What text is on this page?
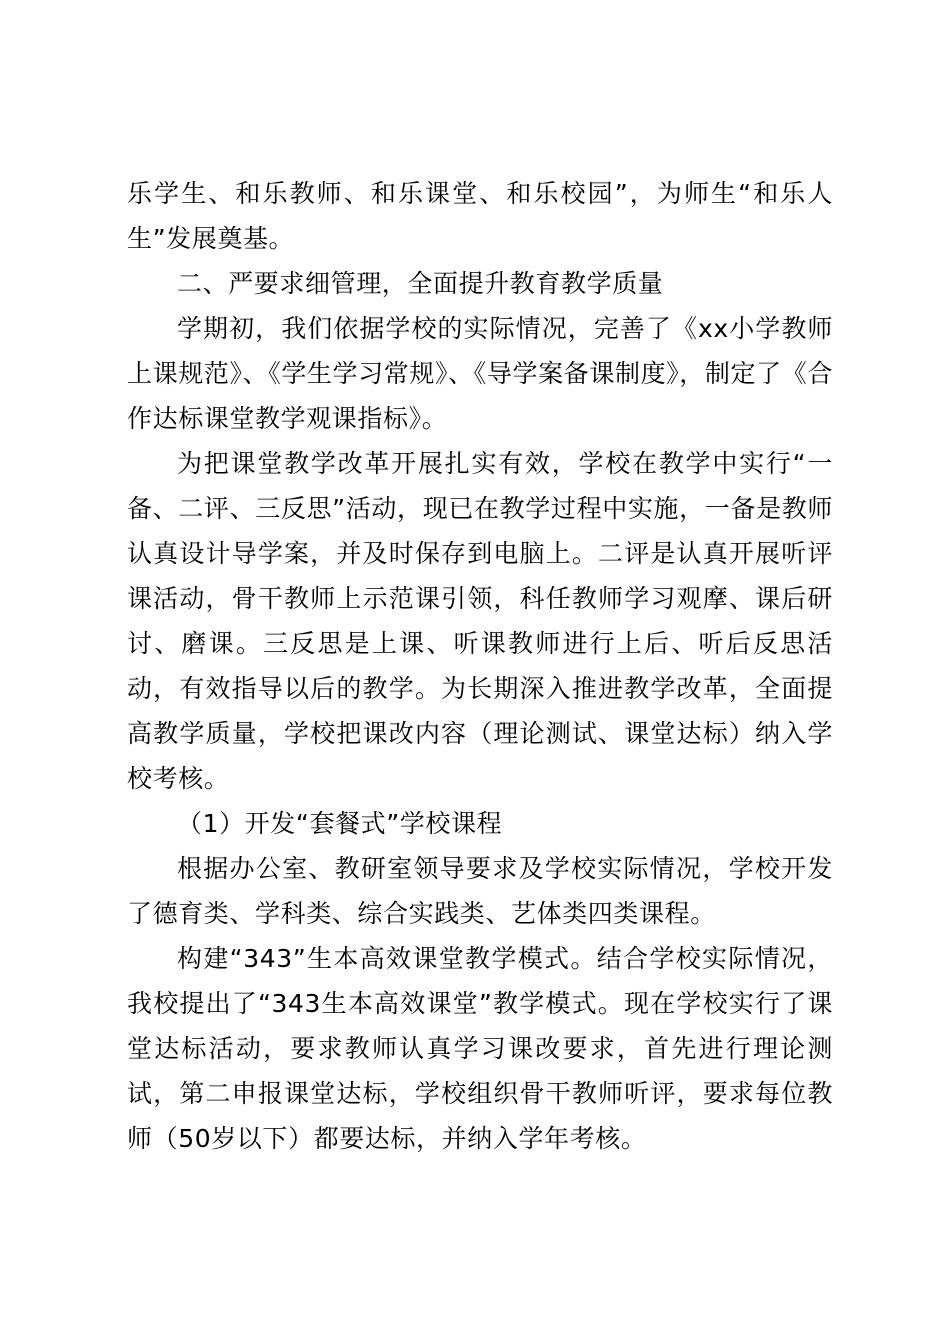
乐学生、和乐教师、和乐课堂、和乐校园”，为师生“和乐人生”发展奠基。

二、严要求细管理，全面提升教育教学质量

学期初，我们依据学校的实际情况，完善了《xx小学教师上课规范》、《学生学习常规》、《导学案备课制度》，制定了《合作达标课堂教学观课指标》。

为把课堂教学改革开展扎实有效，学校在教学中实行“一备、二评、三反思”活动，现已在教学过程中实施，一备是教师认真设计导学案，并及时保存到电脑上。二评是认真开展听评课活动，骨干教师上示范课引领，科任教师学习观摩、课后研讨、磨课。三反思是上课、听课教师进行上后、听后反思活动，有效指导以后的教学。为长期深入推进教学改革，全面提高教学质量，学校把课改内容（理论测试、课堂达标）纳入学校考核。

（1）开发“套餐式”学校课程

根据办公室、教研室领导要求及学校实际情况，学校开发了德育类、学科类、综合实践类、艺体类四类课程。

构建“343”生本高效课堂教学模式。结合学校实际情况，我校提出了“343生本高效课堂”教学模式。现在学校实行了课堂达标活动，要求教师认真学习课改要求，首先进行理论测试，第二申报课堂达标，学校组织骨干教师听评，要求每位教师（50岁以下）都要达标，并纳入学年考核。
